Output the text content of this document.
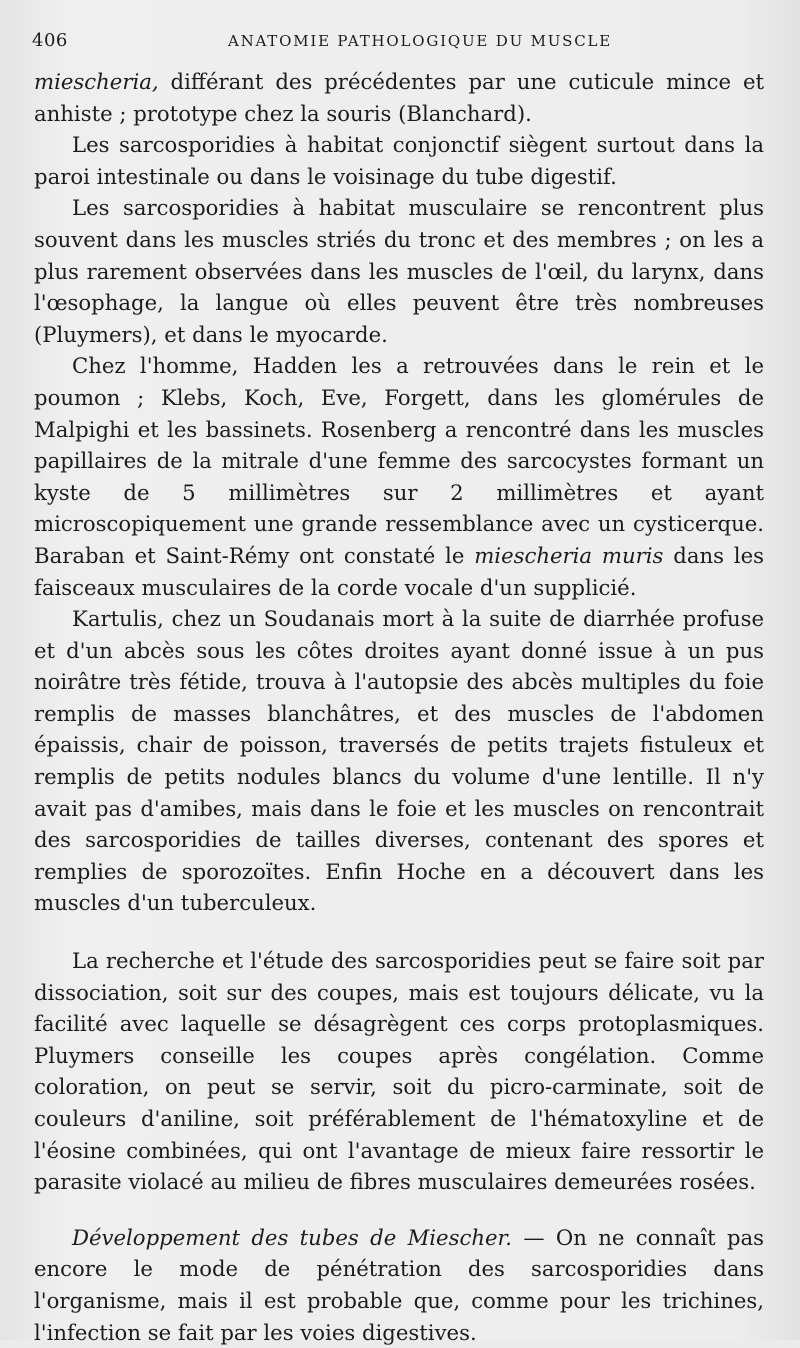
406	ANATOMIE PATHOLOGIQUE DU MUSCLE

miescheria, différant des précédentes par une cuticule mince et anhiste ; prototype chez la souris (Blanchard).

Les sarcosporidies à habitat conjonctif siègent surtout dans la paroi intestinale ou dans le voisinage du tube digestif.

Les sarcosporidies à habitat musculaire se rencontrent plus souvent dans les muscles striés du tronc et des membres ; on les a plus rarement observées dans les muscles de l'œil, du larynx, dans l'œsophage, la langue où elles peuvent être très nombreuses (Pluymers), et dans le myocarde.

Chez l'homme, Hadden les a retrouvées dans le rein et le poumon ; Klebs, Koch, Eve, Forgett, dans les glomérules de Malpighi et les bassinets. Rosenberg a rencontré dans les muscles papillaires de la mitrale d'une femme des sarcocystes formant un kyste de 5 millimètres sur 2 millimètres et ayant microscopiquement une grande ressemblance avec un cysticerque. Baraban et Saint-Rémy ont constaté le miescheria muris dans les faisceaux musculaires de la corde vocale d'un supplicié.

Kartulis, chez un Soudanais mort à la suite de diarrhée profuse et d'un abcès sous les côtes droites ayant donné issue à un pus noirâtre très fétide, trouva à l'autopsie des abcès multiples du foie remplis de masses blanchâtres, et des muscles de l'abdomen épaissis, chair de poisson, traversés de petits trajets fistuleux et remplis de petits nodules blancs du volume d'une lentille. Il n'y avait pas d'amibes, mais dans le foie et les muscles on rencontrait des sarcosporidies de tailles diverses, contenant des spores et remplies de sporozoïtes. Enfin Hoche en a découvert dans les muscles d'un tuberculeux.

La recherche et l'étude des sarcosporidies peut se faire soit par dissociation, soit sur des coupes, mais est toujours délicate, vu la facilité avec laquelle se désagrègent ces corps protoplasmiques. Pluymers conseille les coupes après congélation. Comme coloration, on peut se servir, soit du picro-carminate, soit de couleurs d'aniline, soit préférablement de l'hématoxyline et de l'éosine combinées, qui ont l'avantage de mieux faire ressortir le parasite violacé au milieu de fibres musculaires demeurées rosées.

Développement des tubes de Miescher. — On ne connaît pas encore le mode de pénétration des sarcosporidies dans l'organisme, mais il est probable que, comme pour les trichines, l'infection se fait par les voies digestives.
